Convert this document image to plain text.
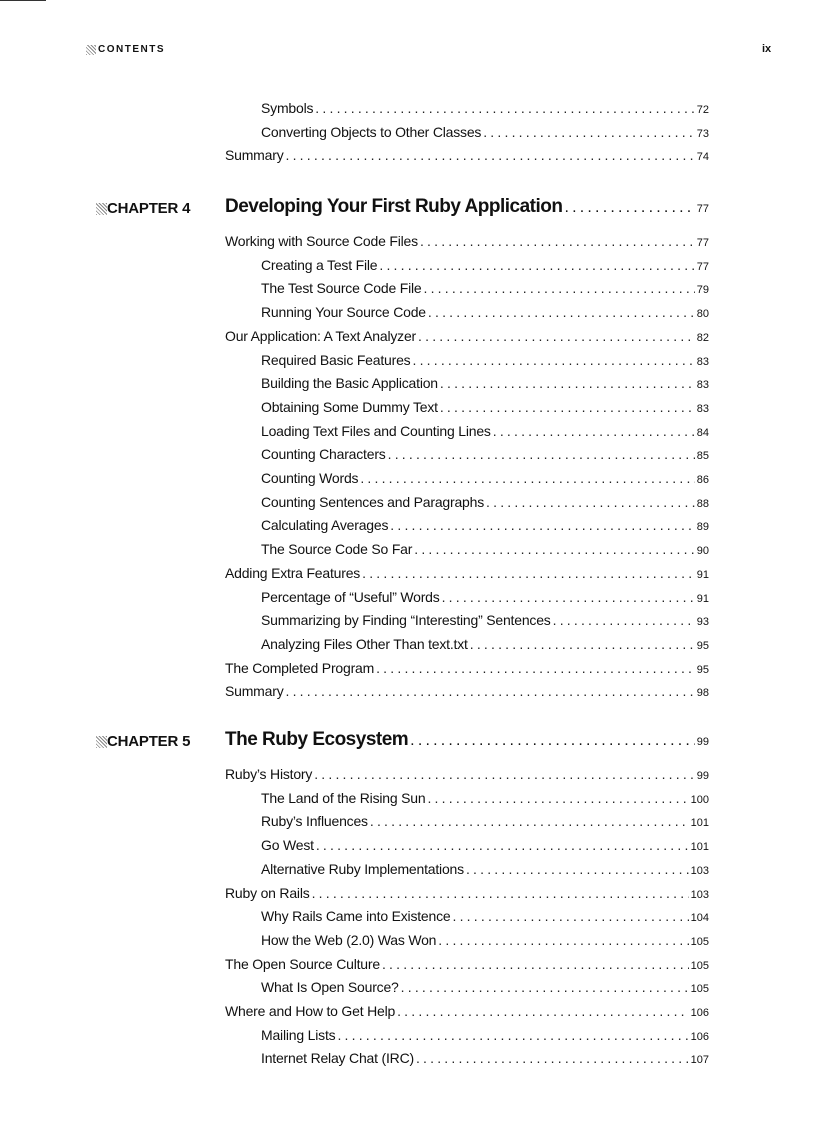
CONTENTS	ix
Symbols .....	72
Converting Objects to Other Classes .....	73
Summary .....	74
CHAPTER 4 Developing Your First Ruby Application .....	77
Working with Source Code Files .....	77
Creating a Test File .....	77
The Test Source Code File .....	79
Running Your Source Code .....	80
Our Application: A Text Analyzer .....	82
Required Basic Features .....	83
Building the Basic Application .....	83
Obtaining Some Dummy Text .....	83
Loading Text Files and Counting Lines .....	84
Counting Characters .....	85
Counting Words .....	86
Counting Sentences and Paragraphs .....	88
Calculating Averages .....	89
The Source Code So Far .....	90
Adding Extra Features .....	91
Percentage of “Useful” Words .....	91
Summarizing by Finding “Interesting” Sentences .....	93
Analyzing Files Other Than text.txt .....	95
The Completed Program .....	95
Summary .....	98
CHAPTER 5 The Ruby Ecosystem .....	99
Ruby’s History .....	99
The Land of the Rising Sun .....	100
Ruby’s Influences .....	101
Go West .....	101
Alternative Ruby Implementations .....	103
Ruby on Rails .....	103
Why Rails Came into Existence .....	104
How the Web (2.0) Was Won .....	105
The Open Source Culture .....	105
What Is Open Source? .....	105
Where and How to Get Help .....	106
Mailing Lists .....	106
Internet Relay Chat (IRC) .....	107
